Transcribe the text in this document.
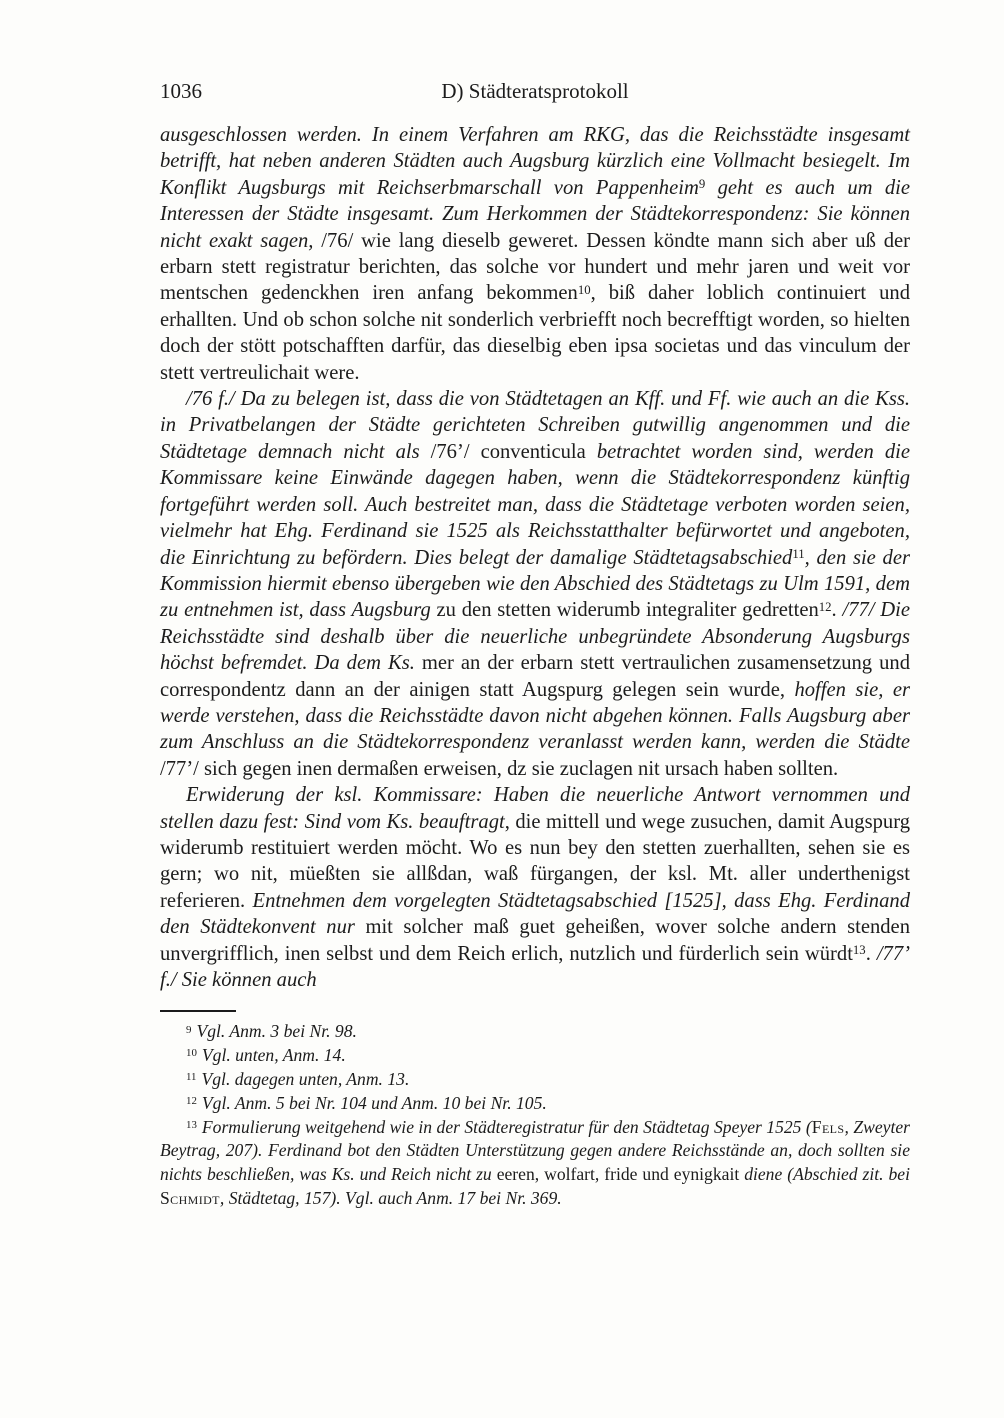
1036	D) Städteratsprotokoll

ausgeschlossen werden. In einem Verfahren am RKG, das die Reichsstädte insgesamt betrifft, hat neben anderen Städten auch Augsburg kürzlich eine Vollmacht besiegelt. Im Konflikt Augsburgs mit Reichserbmarschall von Pappenheim$^9$ geht es auch um die Interessen der Städte insgesamt. Zum Herkommen der Städtekorrespondenz: Sie können nicht exakt sagen, /76/ wie lang dieselb geweret. Dessen köndte mann sich aber uß der erbarn stett registratur berichten, das solche vor hundert und mehr jaren und weit vor mentschen gedenckhen iren anfang bekommen$^{10}$, biß daher loblich continuiert und erhallten. Und ob schon solche nit sonderlich verbriefft noch becrefftigt worden, so hielten doch der stött potschafften darfür, das dieselbig eben ipsa societas und das vinculum der stett vertreulichait were.

/76 f./ Da zu belegen ist, dass die von Städtetagen an Kff. und Ff. wie auch an die Kss. in Privatbelangen der Städte gerichteten Schreiben gutwillig angenommen und die Städtetage demnach nicht als /76’/ conventicula betrachtet worden sind, werden die Kommissare keine Einwände dagegen haben, wenn die Städtekorrespondenz künftig fortgeführt werden soll. Auch bestreitet man, dass die Städtetage verboten worden seien, vielmehr hat Ehg. Ferdinand sie 1525 als Reichsstatthalter befürwortet und angeboten, die Einrichtung zu befördern. Dies belegt der damalige Städtetagsabschied$^{11}$, den sie der Kommission hiermit ebenso übergeben wie den Abschied des Städtetags zu Ulm 1591, dem zu entnehmen ist, dass Augsburg zu den stetten widerumb integraliter gedretten$^{12}$. /77/ Die Reichsstädte sind deshalb über die neuerliche unbegründete Absonderung Augsburgs höchst befremdet. Da dem Ks. mer an der erbarn stett vertraulichen zusamensetzung und correspondentz dann an der ainigen statt Augspurg gelegen sein wurde, hoffen sie, er werde verstehen, dass die Reichsstädte davon nicht abgehen können. Falls Augsburg aber zum Anschluss an die Städtekorrespondenz veranlasst werden kann, werden die Städte /77’/ sich gegen inen dermaßen erweisen, dz sie zuclagen nit ursach haben sollten.

Erwiderung der ksl. Kommissare: Haben die neuerliche Antwort vernommen und stellen dazu fest: Sind vom Ks. beauftragt, die mittell und wege zusuchen, damit Augspurg widerumb restituiert werden möcht. Wo es nun bey den stetten zuerhallten, sehen sie es gern; wo nit, müeßten sie allßdan, waß fürgangen, der ksl. Mt. aller underthenigst referieren. Entnehmen dem vorgelegten Städtetagsabschied [1525], dass Ehg. Ferdinand den Städtekonvent nur mit solcher maß guet geheißen, wover solche andern stenden unvergrifflich, inen selbst und dem Reich erlich, nutzlich und fürderlich sein würdt$^{13}$. /77’ f./ Sie können auch

$^9$ Vgl. Anm. 3 bei Nr. 98.

$^{10}$ Vgl. unten, Anm. 14.

$^{11}$ Vgl. dagegen unten, Anm. 13.

$^{12}$ Vgl. Anm. 5 bei Nr. 104 und Anm. 10 bei Nr. 105.

$^{13}$ Formulierung weitgehend wie in der Städteregistratur für den Städtetag Speyer 1525 (Fels, Zweyter Beytrag, 207). Ferdinand bot den Städten Unterstützung gegen andere Reichsstände an, doch sollten sie nichts beschließen, was Ks. und Reich nicht zu eeren, wolfart, fride und eynigkait diene (Abschied zit. bei Schmidt, Städtetag, 157). Vgl. auch Anm. 17 bei Nr. 369.
